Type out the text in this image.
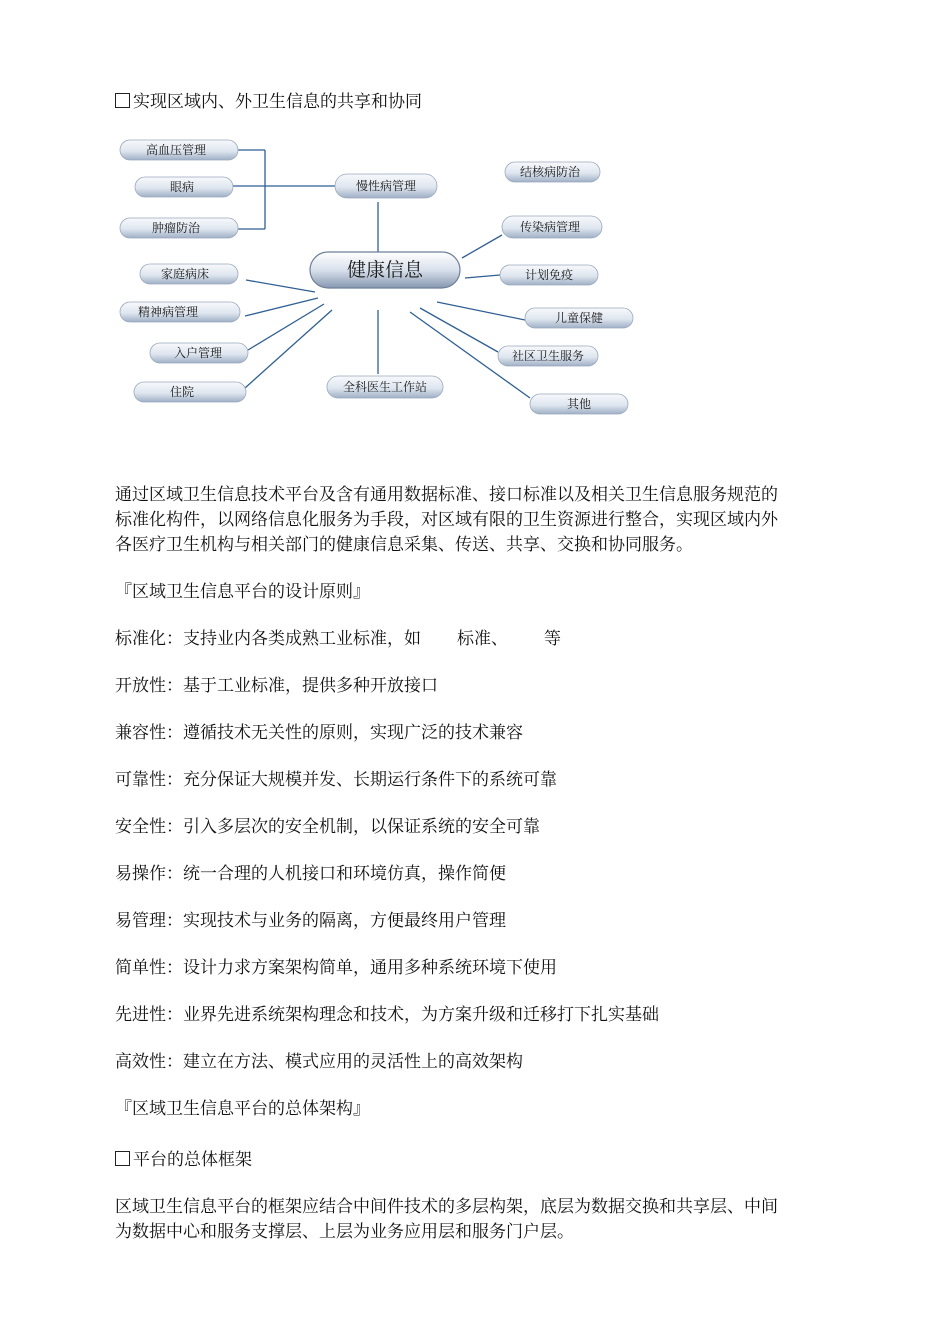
实现区域内、外卫生信息的共享和协同
高血压管理
眼病
肿瘤防治
慢性病管理
健康信息
家庭病床
精神病管理
入户管理
住院	全科医生工作站
结核病防治
传染病管理
计划免疫
儿童保健
社区卫生服务
其他
通过区域卫生信息技术平台及含有通用数据标准、接口标准以及相关卫生信息服务规范的
标准化构件，以网络信息化服务为手段，对区域有限的卫生资源进行整合，实现区域内外
各医疗卫生机构与相关部门的健康信息采集、传送、共享、交换和协同服务。
『区域卫生信息平台的设计原则』
标准化：支持业内各类成熟工业标准，如 标准、 等
开放性：基于工业标准，提供多种开放接口
兼容性：遵循技术无关性的原则，实现广泛的技术兼容
可靠性：充分保证大规模并发、长期运行条件下的系统可靠
安全性：引入多层次的安全机制，以保证系统的安全可靠
易操作：统一合理的人机接口和环境仿真，操作简便
易管理：实现技术与业务的隔离，方便最终用户管理
简单性：设计力求方案架构简单，通用多种系统环境下使用
先进性：业界先进系统架构理念和技术，为方案升级和迁移打下扎实基础
高效性：建立在方法、模式应用的灵活性上的高效架构
『区域卫生信息平台的总体架构』
平台的总体框架
区域卫生信息平台的框架应结合中间件技术的多层构架，底层为数据交换和共享层、中间
为数据中心和服务支撑层、上层为业务应用层和服务门户层。
